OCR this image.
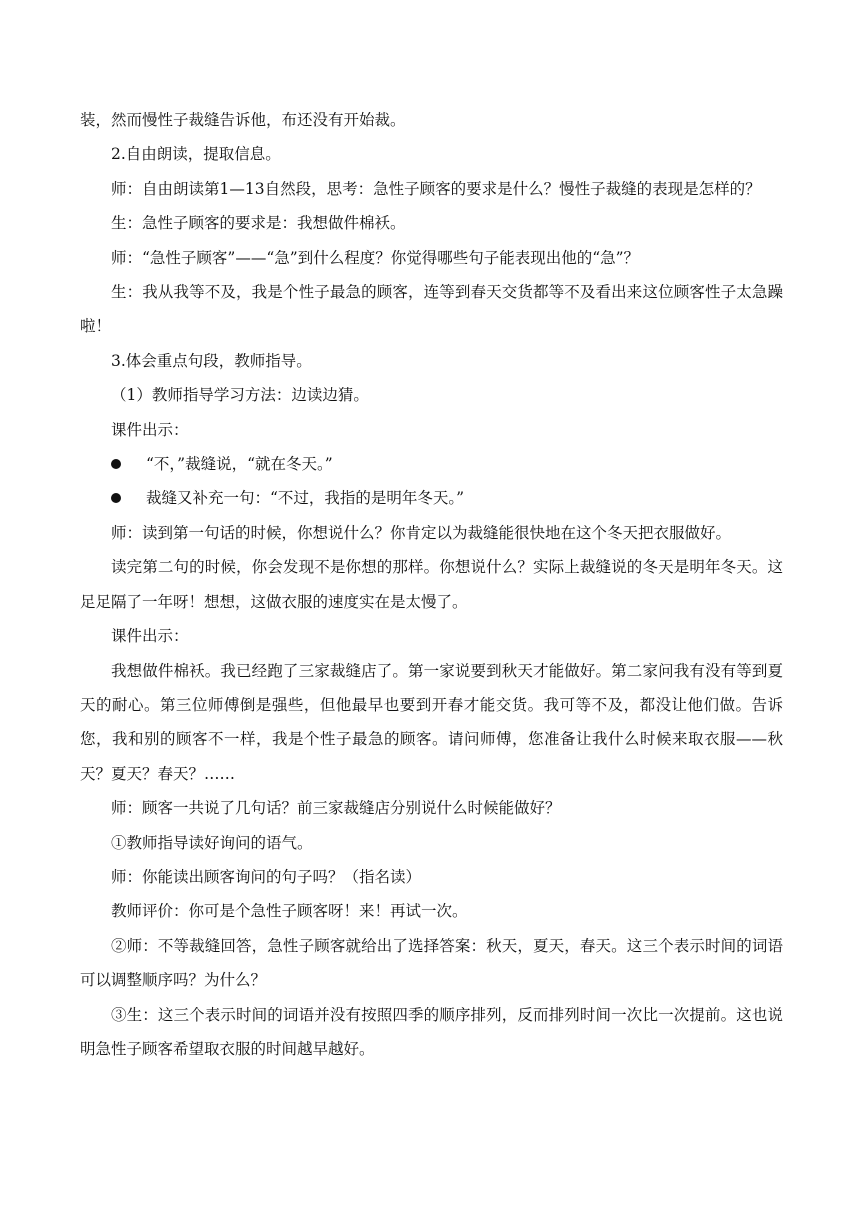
装，然而慢性子裁缝告诉他，布还没有开始裁。

2.自由朗读，提取信息。

师：自由朗读第1—13自然段，思考：急性子顾客的要求是什么？慢性子裁缝的表现是怎样的？

生：急性子顾客的要求是：我想做件棉袄。

师：“急性子顾客”——“急”到什么程度？你觉得哪些句子能表现出他的“急”？

生：我从我等不及，我是个性子最急的顾客，连等到春天交货都等不及看出来这位顾客性子太急躁啦！

3.体会重点句段，教师指导。

（1）教师指导学习方法：边读边猜。

课件出示：

“不，”裁缝说，“就在冬天。”

裁缝又补充一句：“不过，我指的是明年冬天。”

师：读到第一句话的时候，你想说什么？你肯定以为裁缝能很快地在这个冬天把衣服做好。

读完第二句的时候，你会发现不是你想的那样。你想说什么？实际上裁缝说的冬天是明年冬天。这足足隔了一年呀！想想，这做衣服的速度实在是太慢了。

课件出示：

我想做件棉袄。我已经跑了三家裁缝店了。第一家说要到秋天才能做好。第二家问我有没有等到夏天的耐心。第三位师傅倒是强些，但他最早也要到开春才能交货。我可等不及，都没让他们做。告诉您，我和别的顾客不一样，我是个性子最急的顾客。请问师傅，您准备让我什么时候来取衣服——秋天？夏天？春天？……

师：顾客一共说了几句话？前三家裁缝店分别说什么时候能做好？

①教师指导读好询问的语气。

师：你能读出顾客询问的句子吗？（指名读）

教师评价：你可是个急性子顾客呀！来！再试一次。

②师：不等裁缝回答，急性子顾客就给出了选择答案：秋天，夏天，春天。这三个表示时间的词语可以调整顺序吗？为什么？

③生：这三个表示时间的词语并没有按照四季的顺序排列，反而排列时间一次比一次提前。这也说明急性子顾客希望取衣服的时间越早越好。
